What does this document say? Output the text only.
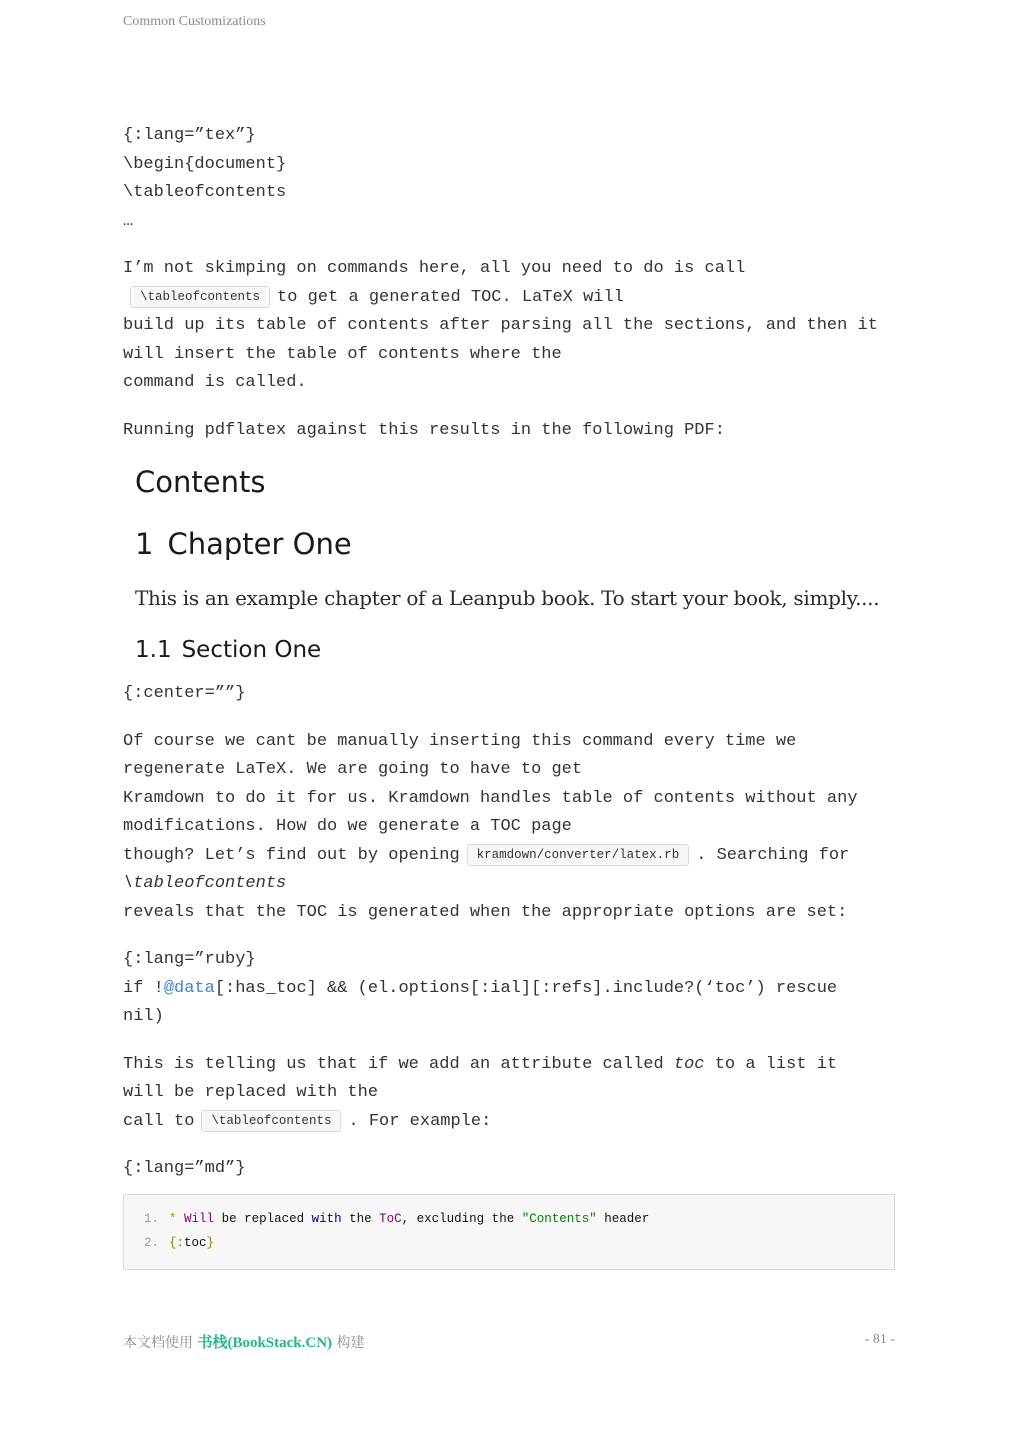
Common Customizations
{:lang=”tex”}
\begin{document}
\tableofcontents
…
I’m not skimping on commands here, all you need to do is call
\tableofcontents to get a generated TOC. LaTeX will
build up its table of contents after parsing all the sections, and then it
will insert the table of contents where the
command is called.
Running pdflatex against this results in the following PDF:
Contents
1 Chapter One
This is an example chapter of a Leanpub book. To start your book, simply....
1.1 Section One
{:center=””}
Of course we cant be manually inserting this command every time we
regenerate LaTeX. We are going to have to get
Kramdown to do it for us. Kramdown handles table of contents without any
modifications. How do we generate a TOC page
though? Let’s find out by opening kramdown/converter/latex.rb . Searching for
\tableofcontents
reveals that the TOC is generated when the appropriate options are set:
{:lang=”ruby}
if !@data[:has_toc] && (el.options[:ial][:refs].include?(‘toc’) rescue
nil)
This is telling us that if we add an attribute called toc to a list it
will be replaced with the
call to \tableofcontents . For example:
{:lang=”md”}
1. * Will be replaced with the ToC, excluding the "Contents" header
2. {:toc}
本文档使用 书栈(BookStack.CN) 构建	- 81 -
